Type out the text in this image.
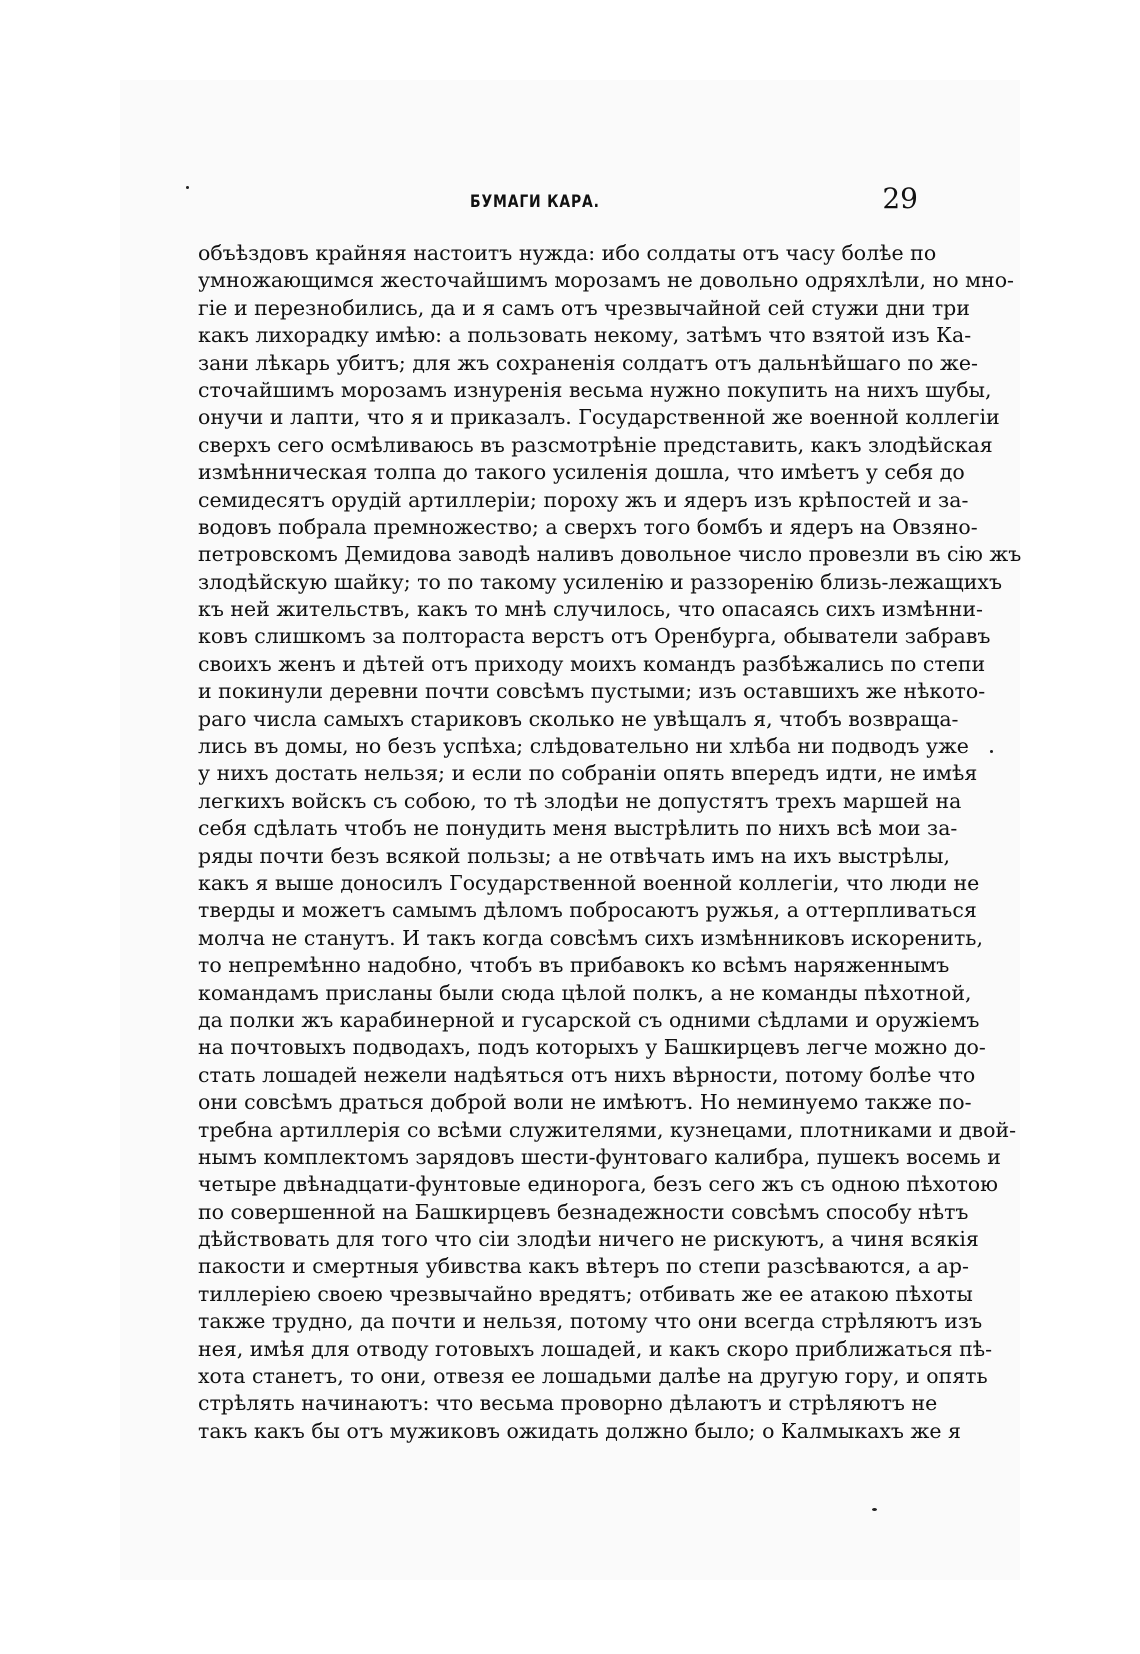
БУМАГИ КАРА.	29
объѣздовъ крайняя настоитъ нужда: ибо солдаты отъ часу болѣе по
умножающимся жесточайшимъ морозамъ не довольно одряхлѣли, но мно-
гіе и перезнобились, да и я самъ отъ чрезвычайной сей стужи дни три
какъ лихорадку имѣю: а пользовать некому, затѣмъ что взятой изъ Ка-
зани лѣкарь убитъ; для жъ сохраненія солдатъ отъ дальнѣйшаго по же-
сточайшимъ морозамъ изнуренія весьма нужно покупить на нихъ шубы,
онучи и лапти, что я и приказалъ. Государственной же военной коллегіи
сверхъ сего осмѣливаюсь въ разсмотрѣніе представить, какъ злодѣйская
измѣнническая толпа до такого усиленія дошла, что имѣетъ у себя до
семидесятъ орудій артиллеріи; пороху жъ и ядеръ изъ крѣпостей и за-
водовъ побрала премножество; а сверхъ того бомбъ и ядеръ на Овзяно-
петровскомъ Демидова заводѣ наливъ довольное число провезли въ сію жъ
злодѣйскую шайку; то по такому усиленію и раззоренію близь-лежащихъ
къ ней жительствъ, какъ то мнѣ случилось, что опасаясь сихъ измѣнни-
ковъ слишкомъ за полтораста верстъ отъ Оренбурга, обыватели забравъ
своихъ женъ и дѣтей отъ приходу моихъ командъ разбѣжались по степи
и покинули деревни почти совсѣмъ пустыми; изъ оставшихъ же нѣкото-
раго числа самыхъ стариковъ сколько не увѣщалъ я, чтобъ возвраща-
лись въ домы, но безъ успѣха; слѣдовательно ни хлѣба ни подводъ уже
у нихъ достать нельзя; и если по собраніи опять впередъ идти, не имѣя
легкихъ войскъ съ собою, то тѣ злодѣи не допустятъ трехъ маршей на
себя сдѣлать чтобъ не понудить меня выстрѣлить по нихъ всѣ мои за-
ряды почти безъ всякой пользы; а не отвѣчать имъ на ихъ выстрѣлы,
какъ я выше доносилъ Государственной военной коллегіи, что люди не
тверды и можетъ самымъ дѣломъ побросаютъ ружья, а оттерпливаться
молча не станутъ. И такъ когда совсѣмъ сихъ измѣнниковъ искоренить,
то непремѣнно надобно, чтобъ въ прибавокъ ко всѣмъ наряженнымъ
командамъ присланы были сюда цѣлой полкъ, а не команды пѣхотной,
да полки жъ карабинерной и гусарской съ одними сѣдлами и оружіемъ
на почтовыхъ подводахъ, подъ которыхъ у Башкирцевъ легче можно до-
стать лошадей нежели надѣяться отъ нихъ вѣрности, потому болѣе что
они совсѣмъ драться доброй воли не имѣютъ. Но неминуемо также по-
требна артиллерія со всѣми служителями, кузнецами, плотниками и двой-
нымъ комплектомъ зарядовъ шести-фунтоваго калибра, пушекъ восемь и
четыре двѣнадцати-фунтовые единорога, безъ сего жъ съ одною пѣхотою
по совершенной на Башкирцевъ безнадежности совсѣмъ способу нѣтъ
дѣйствовать для того что сіи злодѣи ничего не рискуютъ, а чиня всякія
пакости и смертныя убивства какъ вѣтеръ по степи разсѣваются, а ар-
тиллеріею своею чрезвычайно вредятъ; отбивать же ее атакою пѣхоты
также трудно, да почти и нельзя, потому что они всегда стрѣляютъ изъ
нея, имѣя для отводу готовыхъ лошадей, и какъ скоро приближаться пѣ-
хота станетъ, то они, отвезя ее лошадьми далѣе на другую гору, и опять
стрѣлять начинаютъ: что весьма проворно дѣлаютъ и стрѣляютъ не
такъ какъ бы отъ мужиковъ ожидать должно было; о Калмыкахъ же я
